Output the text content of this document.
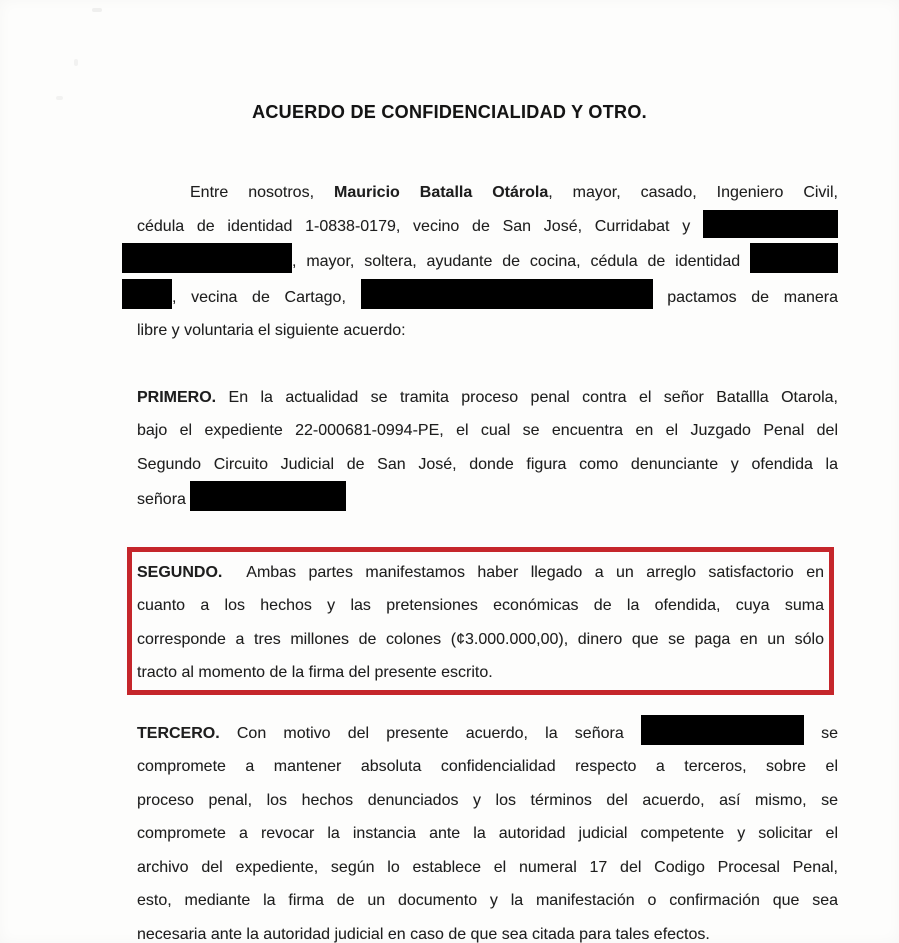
ACUERDO DE CONFIDENCIALIDAD Y OTRO.
Entre nosotros, Mauricio Batalla Otárola, mayor, casado, Ingeniero Civil,
cédula de identidad 1-0838-0179, vecino de San José, Curridabat y
, mayor, soltera, ayudante de cocina, cédula de identidad
, vecina de Cartago,	pactamos de manera
libre y voluntaria el siguiente acuerdo:
PRIMERO. En la actualidad se tramita proceso penal contra el señor Batallla Otarola,
bajo el expediente 22-000681-0994-PE, el cual se encuentra en el Juzgado Penal del
Segundo Circuito Judicial de San José, donde figura como denunciante y ofendida la
señora
SEGUNDO.  Ambas partes manifestamos haber llegado a un arreglo satisfactorio en
cuanto a los hechos y las pretensiones económicas de la ofendida, cuya suma
corresponde a tres millones de colones (¢3.000.000,00), dinero que se paga en un sólo
tracto al momento de la firma del presente escrito.
TERCERO. Con motivo del presente acuerdo, la señora	se
compromete a mantener absoluta confidencialidad respecto a terceros, sobre el
proceso penal, los hechos denunciados y los términos del acuerdo, así mismo, se
compromete a revocar la instancia ante la autoridad judicial competente y solicitar el
archivo del expediente, según lo establece el numeral 17 del Codigo Procesal Penal,
esto, mediante la firma de un documento y la manifestación o confirmación que sea
necesaria ante la autoridad judicial en caso de que sea citada para tales efectos.
